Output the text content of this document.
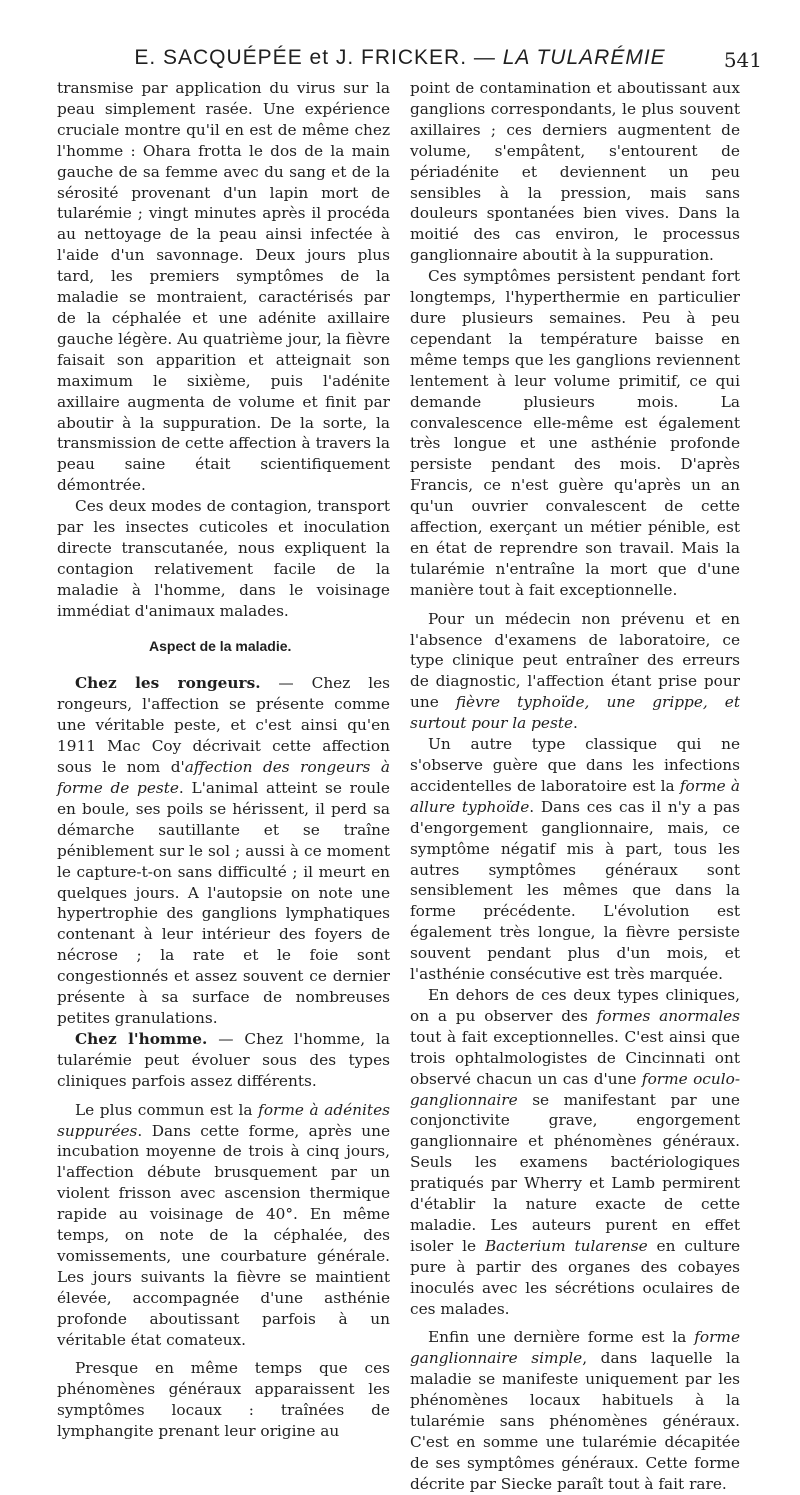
E. SACQUÉPÉE et J. FRICKER. — LA TULARÉMIE	541

transmise par application du virus sur la peau simplement rasée. Une expérience cruciale montre qu'il en est de même chez l'homme : Ohara frotta le dos de la main gauche de sa femme avec du sang et de la sérosité provenant d'un lapin mort de tularémie ; vingt minutes après il procéda au nettoyage de la peau ainsi infectée à l'aide d'un savonnage. Deux jours plus tard, les premiers symptômes de la maladie se montraient, caractérisés par de la céphalée et une adénite axillaire gauche légère. Au quatrième jour, la fièvre faisait son apparition et atteignait son maximum le sixième, puis l'adénite axillaire augmenta de volume et finit par aboutir à la suppuration. De la sorte, la transmission de cette affection à travers la peau saine était scientifiquement démontrée.

Ces deux modes de contagion, transport par les insectes cuticoles et inoculation directe transcutanée, nous expliquent la contagion relativement facile de la maladie à l'homme, dans le voisinage immédiat d'animaux malades.

Aspect de la maladie.

Chez les rongeurs. — Chez les rongeurs, l'affection se présente comme une véritable peste, et c'est ainsi qu'en 1911 Mac Coy décrivait cette affection sous le nom d'affection des rongeurs à forme de peste. L'animal atteint se roule en boule, ses poils se hérissent, il perd sa démarche sautillante et se traîne péniblement sur le sol ; aussi à ce moment le capture-t-on sans difficulté ; il meurt en quelques jours. A l'autopsie on note une hypertrophie des ganglions lymphatiques contenant à leur intérieur des foyers de nécrose ; la rate et le foie sont congestionnés et assez souvent ce dernier présente à sa surface de nombreuses petites granulations.

Chez l'homme. — Chez l'homme, la tularémie peut évoluer sous des types cliniques parfois assez différents.

Le plus commun est la forme à adénites suppurées. Dans cette forme, après une incubation moyenne de trois à cinq jours, l'affection débute brusquement par un violent frisson avec ascension thermique rapide au voisinage de 40°. En même temps, on note de la céphalée, des vomissements, une courbature générale. Les jours suivants la fièvre se maintient élevée, accompagnée d'une asthénie profonde aboutissant parfois à un véritable état comateux.

Presque en même temps que ces phénomènes généraux apparaissent les symptômes locaux : traînées de lymphangite prenant leur origine au

point de contamination et aboutissant aux ganglions correspondants, le plus souvent axillaires ; ces derniers augmentent de volume, s'empâtent, s'entourent de périadénite et deviennent un peu sensibles à la pression, mais sans douleurs spontanées bien vives. Dans la moitié des cas environ, le processus ganglionnaire aboutit à la suppuration.

Ces symptômes persistent pendant fort longtemps, l'hyperthermie en particulier dure plusieurs semaines. Peu à peu cependant la température baisse en même temps que les ganglions reviennent lentement à leur volume primitif, ce qui demande plusieurs mois. La convalescence elle-même est également très longue et une asthénie profonde persiste pendant des mois. D'après Francis, ce n'est guère qu'après un an qu'un ouvrier convalescent de cette affection, exerçant un métier pénible, est en état de reprendre son travail. Mais la tularémie n'entraîne la mort que d'une manière tout à fait exceptionnelle.

Pour un médecin non prévenu et en l'absence d'examens de laboratoire, ce type clinique peut entraîner des erreurs de diagnostic, l'affection étant prise pour une fièvre typhoïde, une grippe, et surtout pour la peste.

Un autre type classique qui ne s'observe guère que dans les infections accidentelles de laboratoire est la forme à allure typhoïde. Dans ces cas il n'y a pas d'engorgement ganglionnaire, mais, ce symptôme négatif mis à part, tous les autres symptômes généraux sont sensiblement les mêmes que dans la forme précédente. L'évolution est également très longue, la fièvre persiste souvent pendant plus d'un mois, et l'asthénie consécutive est très marquée.

En dehors de ces deux types cliniques, on a pu observer des formes anormales tout à fait exceptionnelles. C'est ainsi que trois ophtalmologistes de Cincinnati ont observé chacun un cas d'une forme oculo-ganglionnaire se manifestant par une conjonctivite grave, engorgement ganglionnaire et phénomènes généraux. Seuls les examens bactériologiques pratiqués par Wherry et Lamb permirent d'établir la nature exacte de cette maladie. Les auteurs purent en effet isoler le Bacterium tularense en culture pure à partir des organes des cobayes inoculés avec les sécrétions oculaires de ces malades.

Enfin une dernière forme est la forme ganglionnaire simple, dans laquelle la maladie se manifeste uniquement par les phénomènes locaux habituels à la tularémie sans phénomènes généraux. C'est en somme une tularémie décapitée de ses symptômes généraux. Cette forme décrite par Siecke paraît tout à fait rare.
